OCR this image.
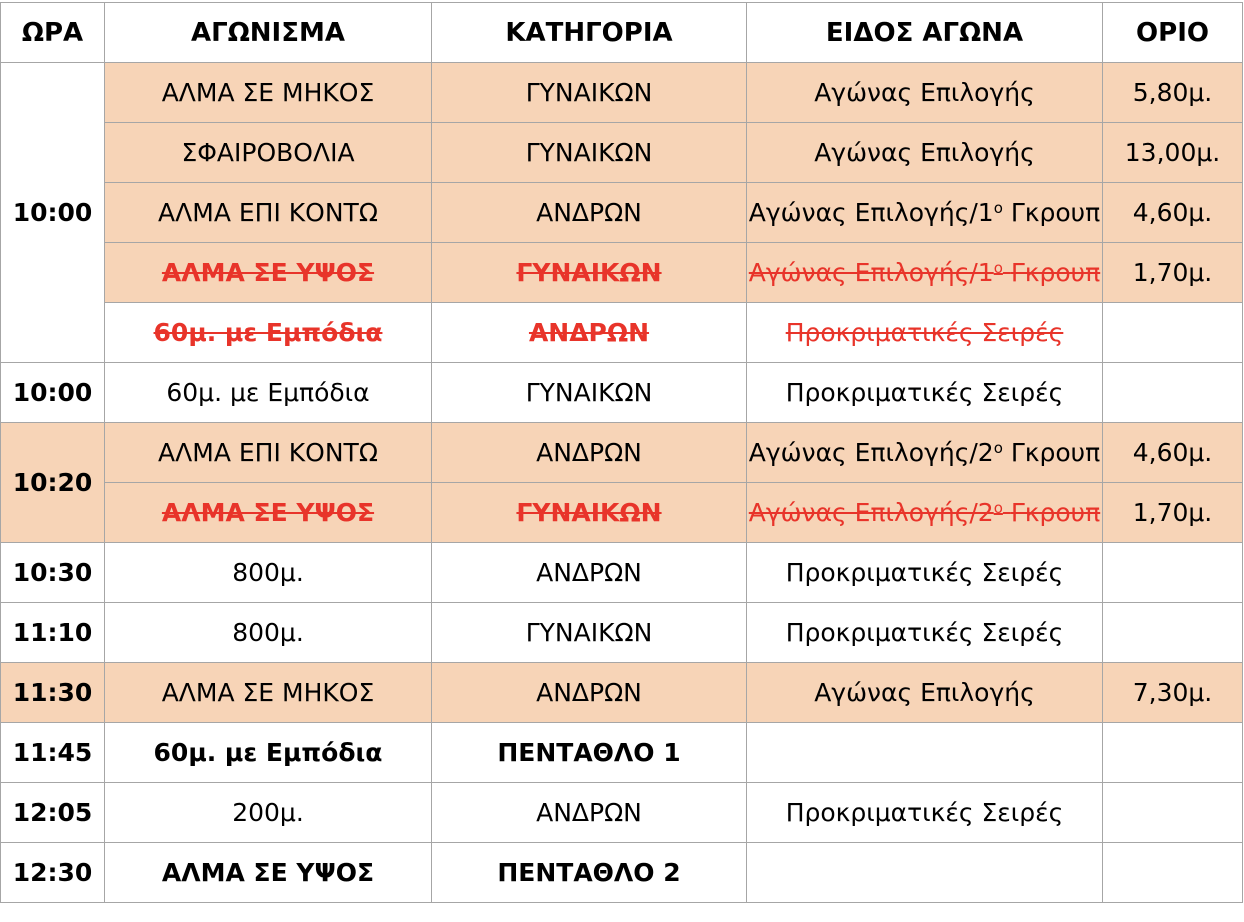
ΩΡΑ	ΑΓΩΝΙΣΜΑ	ΚΑΤΗΓΟΡΙΑ	ΕΙΔΟΣ ΑΓΩΝΑ	ΟΡΙΟ

10:00	ΑΛΜΑ ΣΕ ΜΗΚΟΣ	ΓΥΝΑΙΚΩΝ	Αγώνας Επιλογής	5,80μ.
	ΣΦΑΙΡΟΒΟΛΙΑ	ΓΥΝΑΙΚΩΝ	Αγώνας Επιλογής	13,00μ.
	ΑΛΜΑ ΕΠΙ ΚΟΝΤΩ	ΑΝΔΡΩΝ	Αγώνας Επιλογής/$1^o$ Γκρουπ	4,60μ.
	ΑΛΜΑ ΣΕ ΥΨΟΣ	ΓΥΝΑΙΚΩΝ	Αγώνας Επιλογής/$1^o$ Γκρουπ	1,70μ.
	60μ. με Εμπόδια	ΑΝΔΡΩΝ	Προκριματικές Σειρές	

10:00	60μ. με Εμπόδια	ΓΥΝΑΙΚΩΝ	Προκριματικές Σειρές	

10:20	ΑΛΜΑ ΕΠΙ ΚΟΝΤΩ	ΑΝΔΡΩΝ	Αγώνας Επιλογής/$2^o$ Γκρουπ	4,60μ.
	ΑΛΜΑ ΣΕ ΥΨΟΣ	ΓΥΝΑΙΚΩΝ	Αγώνας Επιλογής/$2^o$ Γκρουπ	1,70μ.

10:30	800μ.	ΑΝΔΡΩΝ	Προκριματικές Σειρές	

11:10	800μ.	ΓΥΝΑΙΚΩΝ	Προκριματικές Σειρές	

11:30	ΑΛΜΑ ΣΕ ΜΗΚΟΣ	ΑΝΔΡΩΝ	Αγώνας Επιλογής	7,30μ.

11:45	60μ. με Εμπόδια	ΠΕΝΤΑΘΛΟ 1		

12:05	200μ.	ΑΝΔΡΩΝ	Προκριματικές Σειρές	

12:30	ΑΛΜΑ ΣΕ ΥΨΟΣ	ΠΕΝΤΑΘΛΟ 2		
